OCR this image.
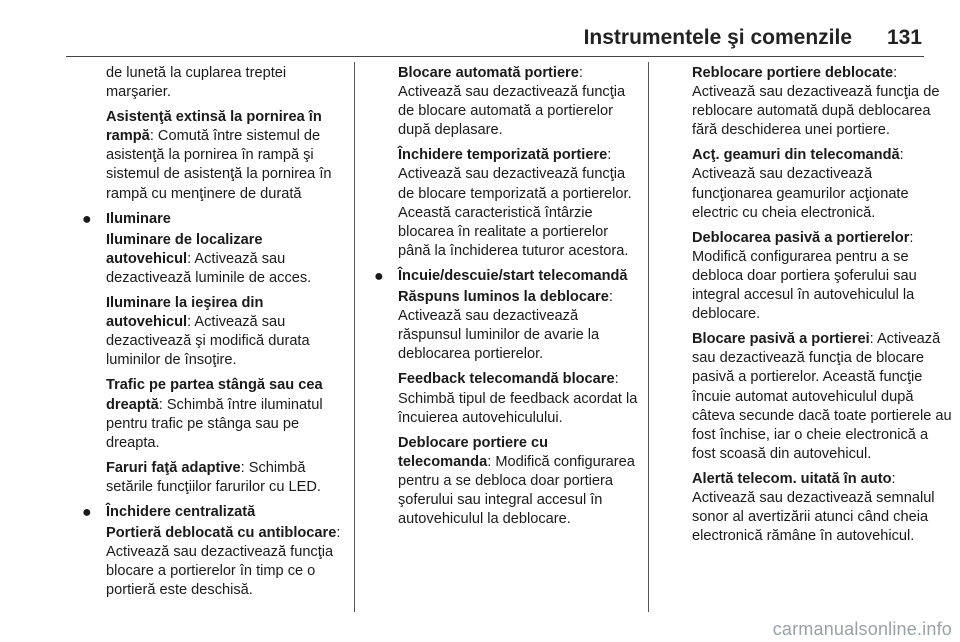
Instrumentele şi comenzile 131

de lunetă la cuplarea treptei marşarier.

Asistenţă extinsă la pornirea în rampă: Comută între sistemul de asistenţă la pornirea în rampă şi sistemul de asistenţă la pornirea în rampă cu menţinere de durată

● Iluminare

Iluminare de localizare autovehicul: Activează sau dezactivează luminile de acces.

Iluminare la ieşirea din autovehicul: Activează sau dezactivează şi modifică durata luminilor de însoţire.

Trafic pe partea stângă sau cea dreaptă: Schimbă între iluminatul pentru trafic pe stânga sau pe dreapta.

Faruri faţă adaptive: Schimbă setările funcţiilor farurilor cu LED.

● Închidere centralizată

Portieră deblocată cu antiblocare: Activează sau dezactivează funcţia blocare a portierelor în timp ce o portieră este deschisă.

Blocare automată portiere: Activează sau dezactivează funcţia de blocare automată a portierelor după deplasare.

Închidere temporizată portiere: Activează sau dezactivează funcţia de blocare temporizată a portierelor. Această caracteristică întârzie blocarea în realitate a portierelor până la închiderea tuturor acestora.

● Încuie/descuie/start telecomandă

Răspuns luminos la deblocare: Activează sau dezactivează răspunsul luminilor de avarie la deblocarea portierelor.

Feedback telecomandă blocare: Schimbă tipul de feedback acordat la încuierea autovehiculului.

Deblocare portiere cu telecomanda: Modifică configurarea pentru a se debloca doar portiera şoferului sau integral accesul în autovehiculul la deblocare.

Reblocare portiere deblocate: Activează sau dezactivează funcţia de reblocare automată după deblocarea fără deschiderea unei portiere.

Acţ. geamuri din telecomandă: Activează sau dezactivează funcţionarea geamurilor acţionate electric cu cheia electronică.

Deblocarea pasivă a portierelor: Modifică configurarea pentru a se debloca doar portiera şoferului sau integral accesul în autovehiculul la deblocare.

Blocare pasivă a portierei: Activează sau dezactivează funcţia de blocare pasivă a portierelor. Această funcţie încuie automat autovehiculul după câteva secunde dacă toate portierele au fost închise, iar o cheie electronică a fost scoasă din autovehicul.

Alertă telecom. uitată în auto: Activează sau dezactivează semnalul sonor al avertizării atunci când cheia electronică rămâne în autovehicul.

carmanualsonline.info
